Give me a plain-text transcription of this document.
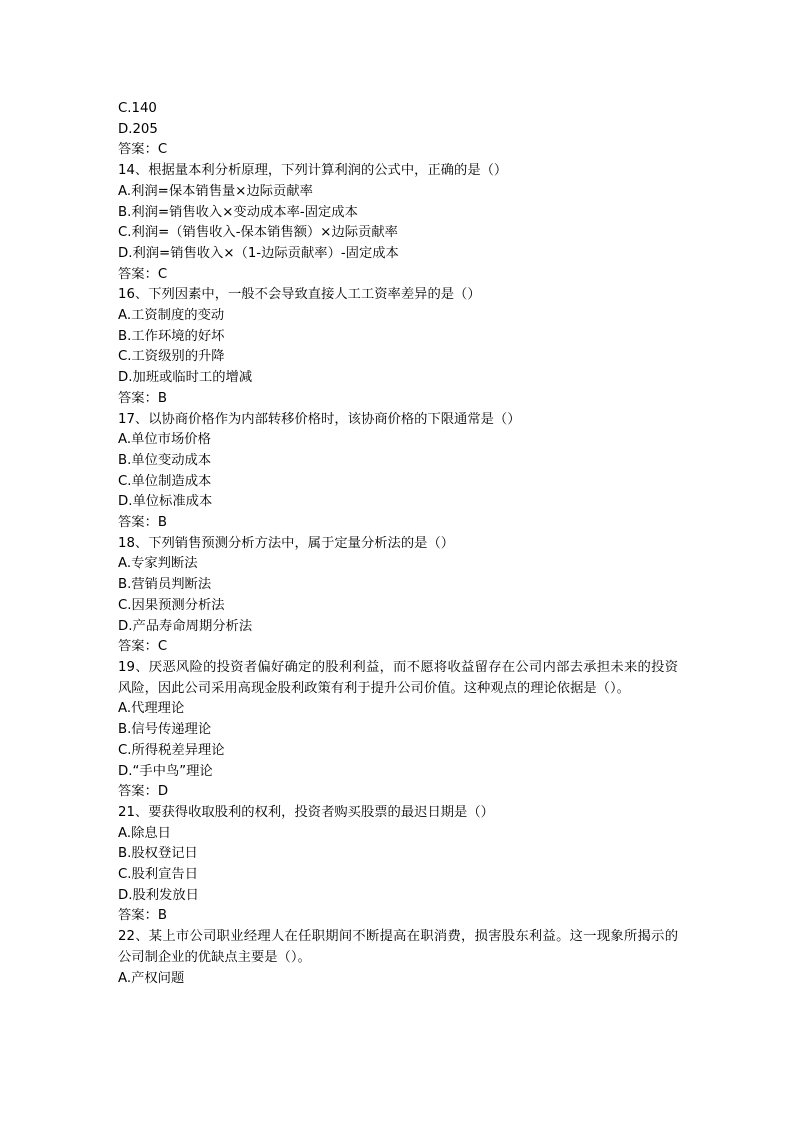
C.140

D.205

答案：C

14、根据量本利分析原理，下列计算利润的公式中，正确的是（）

A.利润=保本销售量×边际贡献率

B.利润=销售收入×变动成本率-固定成本

C.利润=（销售收入-保本销售额）×边际贡献率

D.利润=销售收入×（1-边际贡献率）-固定成本

答案：C

16、下列因素中，一般不会导致直接人工工资率差异的是（）

A.工资制度的变动

B.工作环境的好坏

C.工资级别的升降

D.加班或临时工的增减

答案：B

17、以协商价格作为内部转移价格时，该协商价格的下限通常是（）

A.单位市场价格

B.单位变动成本

C.单位制造成本

D.单位标准成本

答案：B

18、下列销售预测分析方法中，属于定量分析法的是（）

A.专家判断法

B.营销员判断法

C.因果预测分析法

D.产品寿命周期分析法

答案：C

19、厌恶风险的投资者偏好确定的股利利益，而不愿将收益留存在公司内部去承担未来的投资风险，因此公司采用高现金股利政策有利于提升公司价值。这种观点的理论依据是（）。

A.代理理论

B.信号传递理论

C.所得税差异理论

D.“手中鸟”理论

答案：D

21、要获得收取股利的权利，投资者购买股票的最迟日期是（）

A.除息日

B.股权登记日

C.股利宣告日

D.股利发放日

答案：B

22、某上市公司职业经理人在任职期间不断提高在职消费，损害股东利益。这一现象所揭示的公司制企业的优缺点主要是（）。

A.产权问题
